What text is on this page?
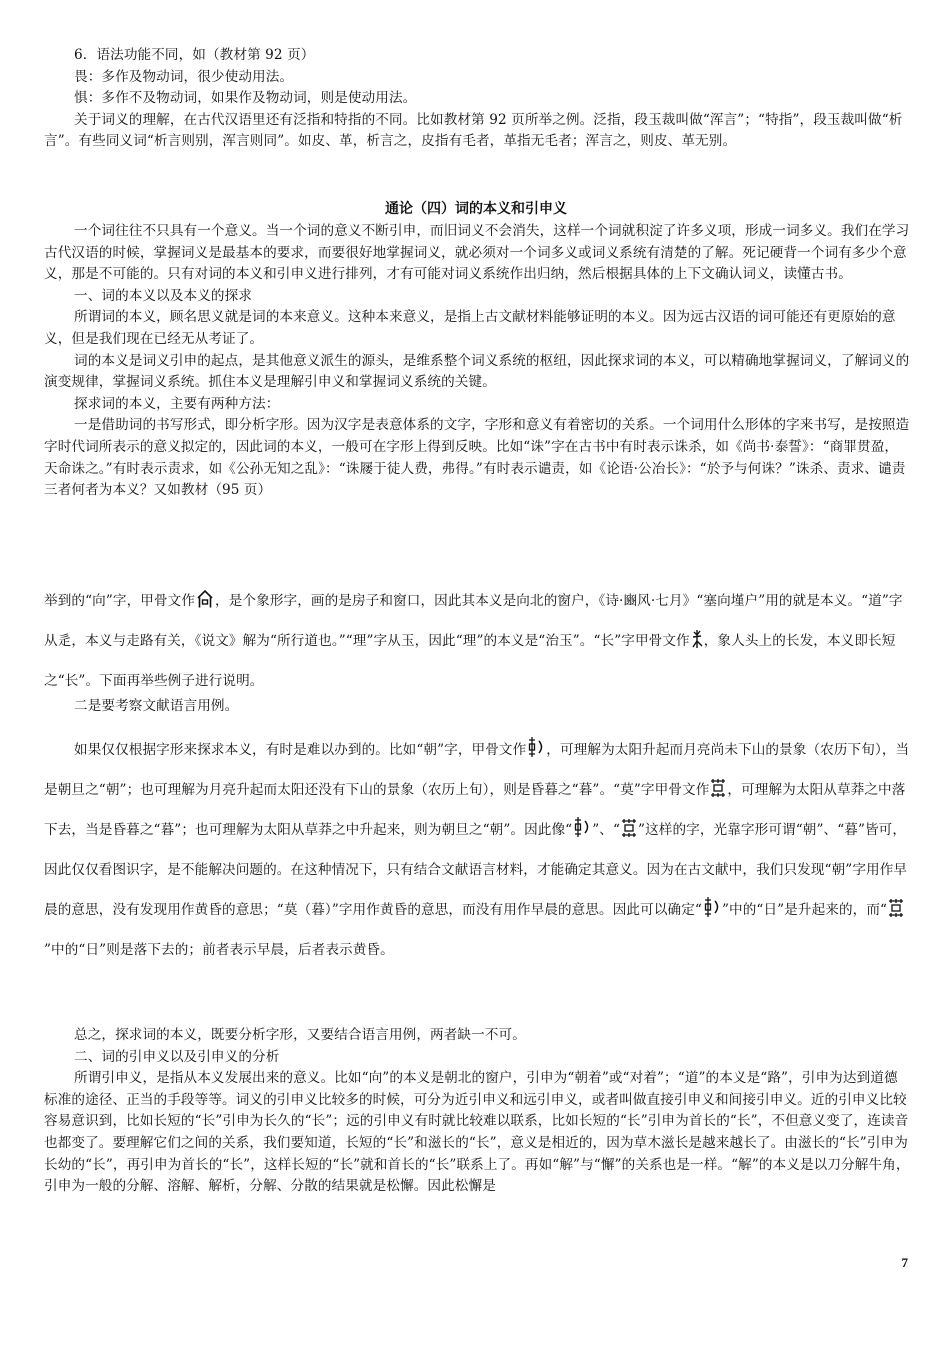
6．语法功能不同，如（教材第 92 页）
畏：多作及物动词，很少使动用法。
惧：多作不及物动词，如果作及物动词，则是使动用法。
关于词义的理解，在古代汉语里还有泛指和特指的不同。比如教材第 92 页所举之例。泛指，段玉裁叫做“浑言”；“特指”，段玉裁叫做“析言”。有些同义词“析言则别，浑言则同”。如皮、革，析言之，皮指有毛者，革指无毛者；浑言之，则皮、革无别。
通论（四）词的本义和引申义
一个词往往不只具有一个意义。当一个词的意义不断引申，而旧词义不会消失，这样一个词就积淀了许多义项，形成一词多义。我们在学习古代汉语的时候，掌握词义是最基本的要求，而要很好地掌握词义，就必须对一个词多义或词义系统有清楚的了解。死记硬背一个词有多少个意义，那是不可能的。只有对词的本义和引申义进行排列，才有可能对词义系统作出归纳，然后根据具体的上下文确认词义，读懂古书。
一、词的本义以及本义的探求
所谓词的本义，顾名思义就是词的本来意义。这种本来意义，是指上古文献材料能够证明的本义。因为远古汉语的词可能还有更原始的意义，但是我们现在已经无从考证了。
词的本义是词义引申的起点，是其他意义派生的源头，是维系整个词义系统的枢纽，因此探求词的本义，可以精确地掌握词义，了解词义的演变规律，掌握词义系统。抓住本义是理解引申义和掌握词义系统的关键。
探求词的本义，主要有两种方法：
一是借助词的书写形式，即分析字形。因为汉字是表意体系的文字，字形和意义有着密切的关系。一个词用什么形体的字来书写，是按照造字时代词所表示的意义拟定的，因此词的本义，一般可在字形上得到反映。比如“诛”字在古书中有时表示诛杀，如《尚书·泰誓》：“商罪贯盈，天命诛之。”有时表示责求，如《公孙无知之乱》：“诛屦于徒人费，弗得。”有时表示谴责，如《论语·公冶长》：“於予与何诛？”诛杀、责求、谴责三者何者为本义？又如教材（95 页）
举到的“向”字，甲骨文作 ，是个象形字，画的是房子和窗口，因此其本义是向北的窗户，《诗·豳风·七月》“塞向墐户”用的就是本义。“道”字从辵，本义与走路有关，《说文》解为“所行道也。”“理”字从玉，因此“理”的本义是“治玉”。“长”字甲骨文作 ，象人头上的长发，本义即长短之“长”。下面再举些例子进行说明。
二是要考察文献语言用例。
如果仅仅根据字形来探求本义，有时是难以办到的。比如“朝”字，甲骨文作 ，可理解为太阳升起而月亮尚未下山的景象（农历下旬），当是朝旦之“朝”；也可理解为月亮升起而太阳还没有下山的景象（农历上旬），则是昏暮之“暮”。“莫”字甲骨文作 ，可理解为太阳从草莽之中落下去，当是昏暮之“暮”；也可理解为太阳从草莽之中升起来，则为朝旦之“朝”。因此像“ ”、“ ”这样的字，光靠字形可谓“朝”、“暮”皆可，因此仅仅看图识字，是不能解决问题的。在这种情况下，只有结合文献语言材料，才能确定其意义。因为在古文献中，我们只发现“朝”字用作早晨的意思，没有发现用作黄昏的意思；“莫（暮）”字用作黄昏的意思，而没有用作早晨的意思。因此可以确定“ ”中的“日”是升起来的，而“”中的“日”则是落下去的；前者表示早晨，后者表示黄昏。
总之，探求词的本义，既要分析字形，又要结合语言用例，两者缺一不可。
二、词的引申义以及引申义的分析
所谓引申义，是指从本义发展出来的意义。比如“向”的本义是朝北的窗户，引申为“朝着”或“对着”；“道”的本义是“路”，引申为达到道德标准的途径、正当的手段等等。词义的引申义比较多的时候，可分为近引申义和远引申义，或者叫做直接引申义和间接引申义。近的引申义比较容易意识到，比如长短的“长”引申为长久的“长”；远的引申义有时就比较难以联系，比如长短的“长”引申为首长的“长”，不但意义变了，连读音也都变了。要理解它们之间的关系，我们要知道，长短的“长”和滋长的“长”，意义是相近的，因为草木滋长是越来越长了。由滋长的“长”引申为长幼的“长”，再引申为首长的“长”，这样长短的“长”就和首长的“长”联系上了。再如“解”与“懈”的关系也是一样。“解”的本义是以刀分解牛角，引申为一般的分解、溶解、解析，分解、分散的结果就是松懈。因此松懈是
7
